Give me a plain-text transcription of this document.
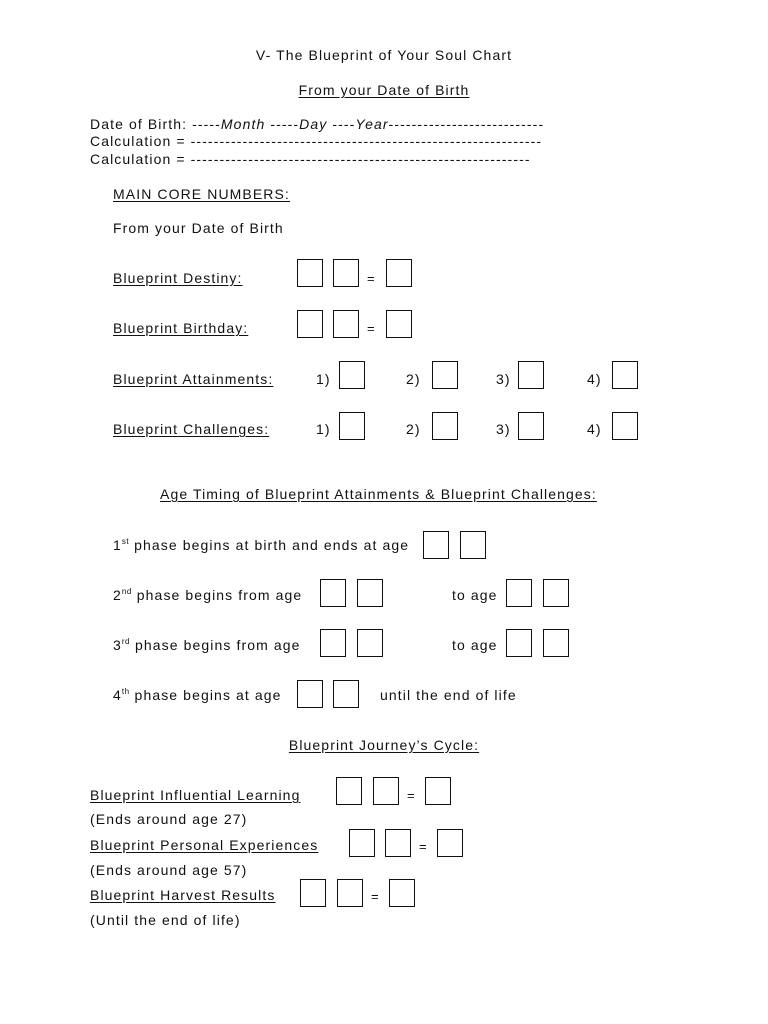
V- The Blueprint of Your Soul Chart
From your Date of Birth
Date of Birth: -----Month -----Day ----Year---------------------------
Calculation = -------------------------------------------------------------
Calculation = -----------------------------------------------------------
MAIN CORE NUMBERS:
From your Date of Birth
Blueprint Destiny:	=
Blueprint Birthday:	=
Blueprint Attainments:	1)	2)	3)	4)
Blueprint Challenges:	1)	2)	3)	4)
Age Timing of Blueprint Attainments & Blueprint Challenges:
1st phase begins at birth and ends at age
2nd phase begins from age	to age
3rd phase begins from age	to age
4th phase begins at age	until the end of life
Blueprint Journey’s Cycle:
Blueprint Influential Learning	=
(Ends around age 27)
Blueprint Personal Experiences	=
(Ends around age 57)
Blueprint Harvest Results	=
(Until the end of life)
